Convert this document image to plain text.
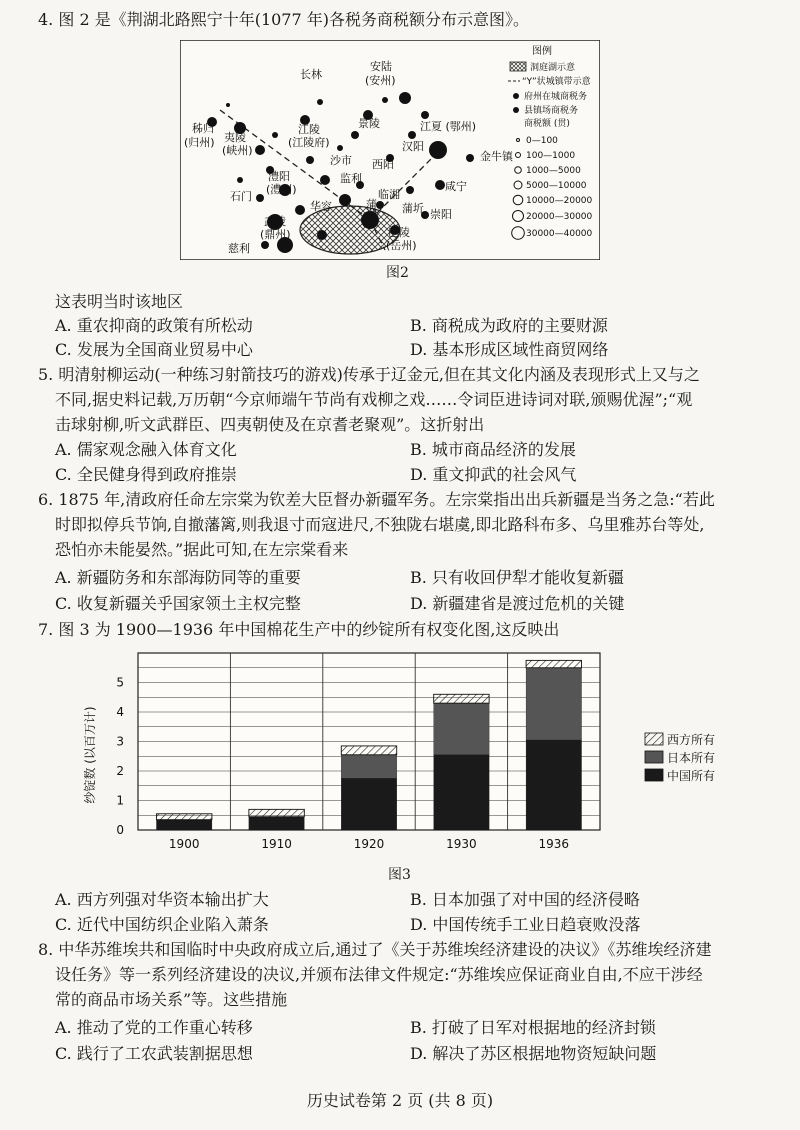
4. 图 2 是《荆湖北路熙宁十年(1077 年)各税务商税额分布示意图》。
秭归
(归州) 夷陵
(峡州)
长林
江陵
(江陵府)
沙市
安陆
(安州)
景陵	江夏 (鄂州)
汉阳
金牛镇
西阳
监利
澧阳
(澧州)
石门
华容
武陵
(鼎州)
慈利
巴陵
(岳州)
临湘
蒲圻
咸宁
崇阳
蒲
湘
图例
洞庭湖示意
“Y”状城镇带示意
府州在城商税务
县镇场商税务
商税额 (贯)
0—100
100—1000
1000—5000
5000—10000
10000—20000
20000—30000
30000—40000
图2
这表明当时该地区
A. 重农抑商的政策有所松动	B. 商税成为政府的主要财源
C. 发展为全国商业贸易中心	D. 基本形成区域性商贸网络
5. 明清射柳运动(一种练习射箭技巧的游戏)传承于辽金元,但在其文化内涵及表现形式上又与之
不同,据史料记载,万历朝“今京师端午节尚有戏柳之戏……令词臣进诗词对联,颁赐优渥”;“观
击球射柳,听文武群臣、四夷朝使及在京耆老聚观”。这折射出
A. 儒家观念融入体育文化	B. 城市商品经济的发展
C. 全民健身得到政府推崇	D. 重文抑武的社会风气
6. 1875 年,清政府任命左宗棠为钦差大臣督办新疆军务。左宗棠指出出兵新疆是当务之急:“若此
时即拟停兵节饷,自撤藩篱,则我退寸而寇进尺,不独陇右堪虞,即北路科布多、乌里雅苏台等处,
恐怕亦未能晏然。”据此可知,在左宗棠看来
A. 新疆防务和东部海防同等的重要	B. 只有收回伊犁才能收复新疆
C. 收复新疆关乎国家领土主权完整	D. 新疆建省是渡过危机的关键
7. 图 3 为 1900—1936 年中国棉花生产中的纱锭所有权变化图,这反映出
纱锭数 (以百万计)
0
1
2
3
4
5
1900	1910	1920	1930	1936
西方所有
日本所有
中国所有
图3
A. 西方列强对华资本输出扩大	B. 日本加强了对中国的经济侵略
C. 近代中国纺织企业陷入萧条	D. 中国传统手工业日趋衰败没落
8. 中华苏维埃共和国临时中央政府成立后,通过了《关于苏维埃经济建设的决议》《苏维埃经济建
设任务》等一系列经济建设的决议,并颁布法律文件规定:“苏维埃应保证商业自由,不应干涉经
常的商品市场关系”等。这些措施
A. 推动了党的工作重心转移	B. 打破了日军对根据地的经济封锁
C. 践行了工农武装割据思想	D. 解决了苏区根据地物资短缺问题
历史试卷第 2 页 (共 8 页)
